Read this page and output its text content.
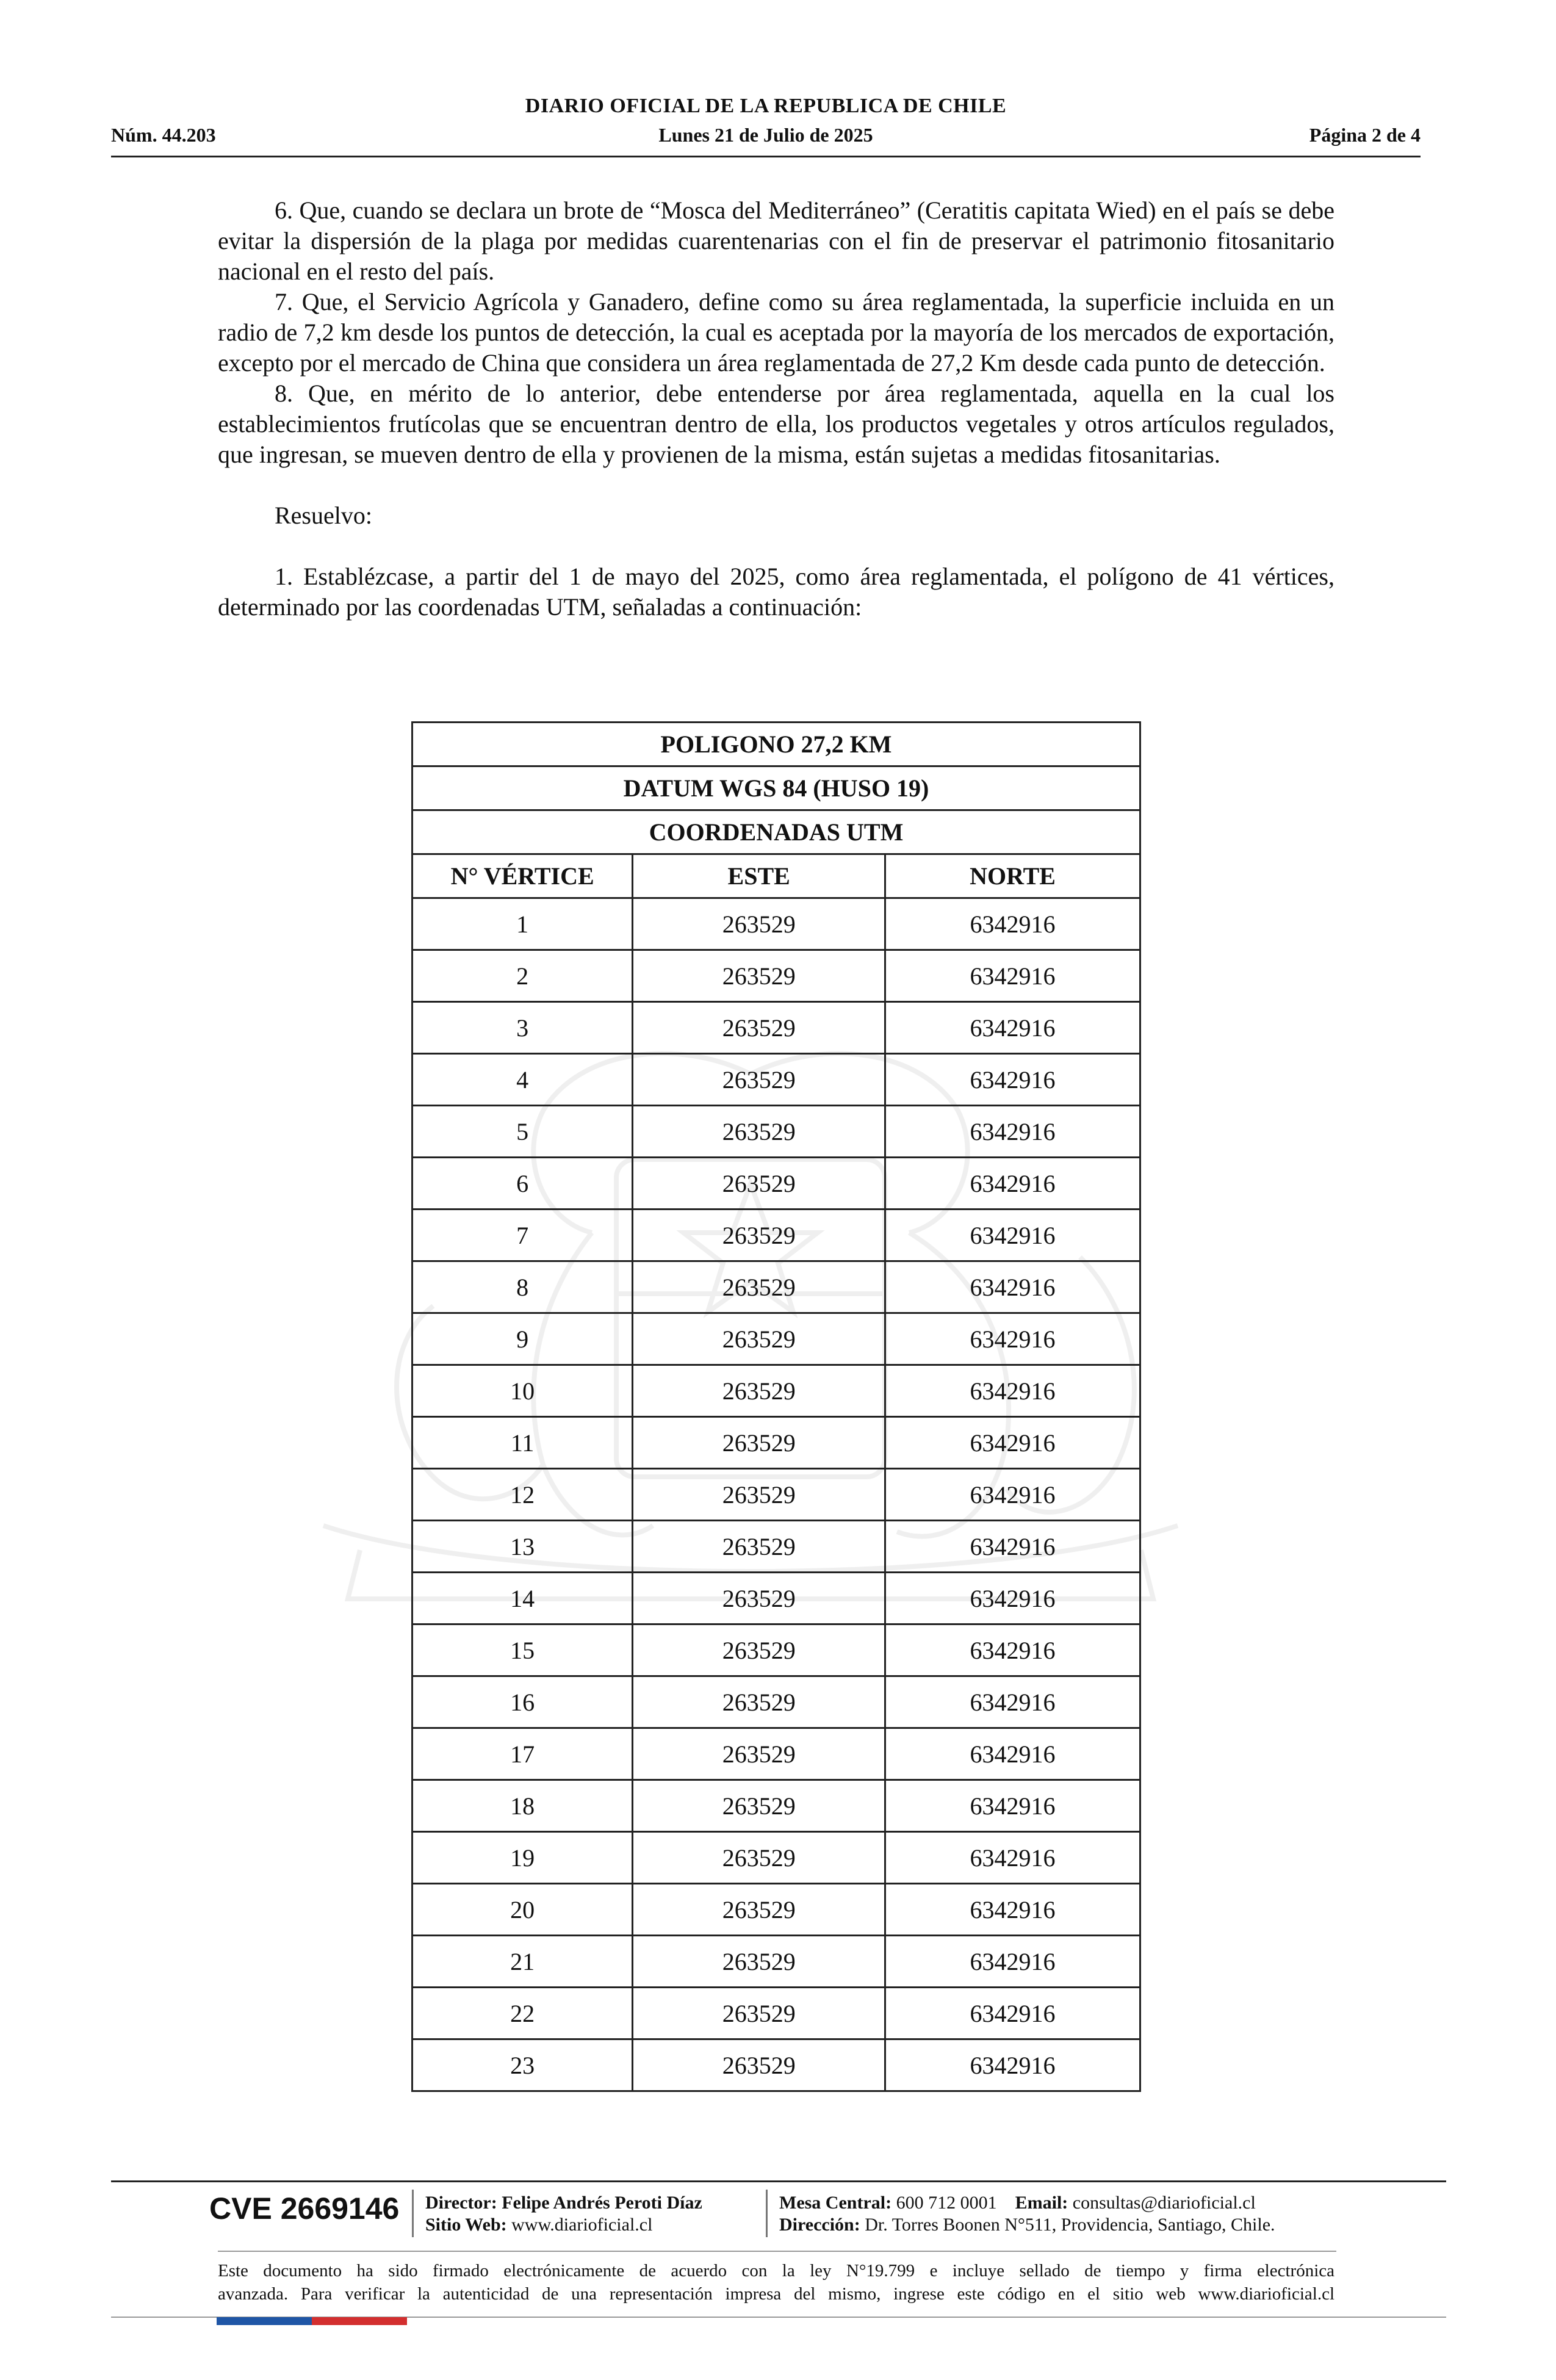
DIARIO OFICIAL DE LA REPUBLICA DE CHILE
Núm. 44.203	Lunes 21 de Julio de 2025	Página 2 de 4

6. Que, cuando se declara un brote de “Mosca del Mediterráneo” (Ceratitis capitata Wied) en el país se debe evitar la dispersión de la plaga por medidas cuarentenarias con el fin de preservar el patrimonio fitosanitario nacional en el resto del país.

7. Que, el Servicio Agrícola y Ganadero, define como su área reglamentada, la superficie incluida en un radio de 7,2 km desde los puntos de detección, la cual es aceptada por la mayoría de los mercados de exportación, excepto por el mercado de China que considera un área reglamentada de 27,2 Km desde cada punto de detección.

8. Que, en mérito de lo anterior, debe entenderse por área reglamentada, aquella en la cual los establecimientos frutícolas que se encuentran dentro de ella, los productos vegetales y otros artículos regulados, que ingresan, se mueven dentro de ella y provienen de la misma, están sujetas a medidas fitosanitarias.

Resuelvo:

1. Establézcase, a partir del 1 de mayo del 2025, como área reglamentada, el polígono de 41 vértices, determinado por las coordenadas UTM, señaladas a continuación:

POLIGONO 27,2 KM		
DATUM WGS 84 (HUSO 19)		
COORDENADAS UTM		
N° VÉRTICE	ESTE	NORTE
1	263529	6342916
2	263529	6342916
3	263529	6342916
4	263529	6342916
5	263529	6342916
6	263529	6342916
7	263529	6342916
8	263529	6342916
9	263529	6342916
10	263529	6342916
11	263529	6342916
12	263529	6342916
13	263529	6342916
14	263529	6342916
15	263529	6342916
16	263529	6342916
17	263529	6342916
18	263529	6342916
19	263529	6342916
20	263529	6342916
21	263529	6342916
22	263529	6342916
23	263529	6342916
CVE 2669146 Director: Felipe Andrés Peroti Díaz
Sitio Web: www.diarioficial.cl
Mesa Central: 600 712 0001 Email: consultas@diarioficial.cl
Dirección: Dr. Torres Boonen N°511, Providencia, Santiago, Chile.
Este documento ha sido firmado electrónicamente de acuerdo con la ley N°19.799 e incluye sellado de tiempo y firma electrónica
avanzada. Para verificar la autenticidad de una representación impresa del mismo, ingrese este código en el sitio web www.diarioficial.cl
